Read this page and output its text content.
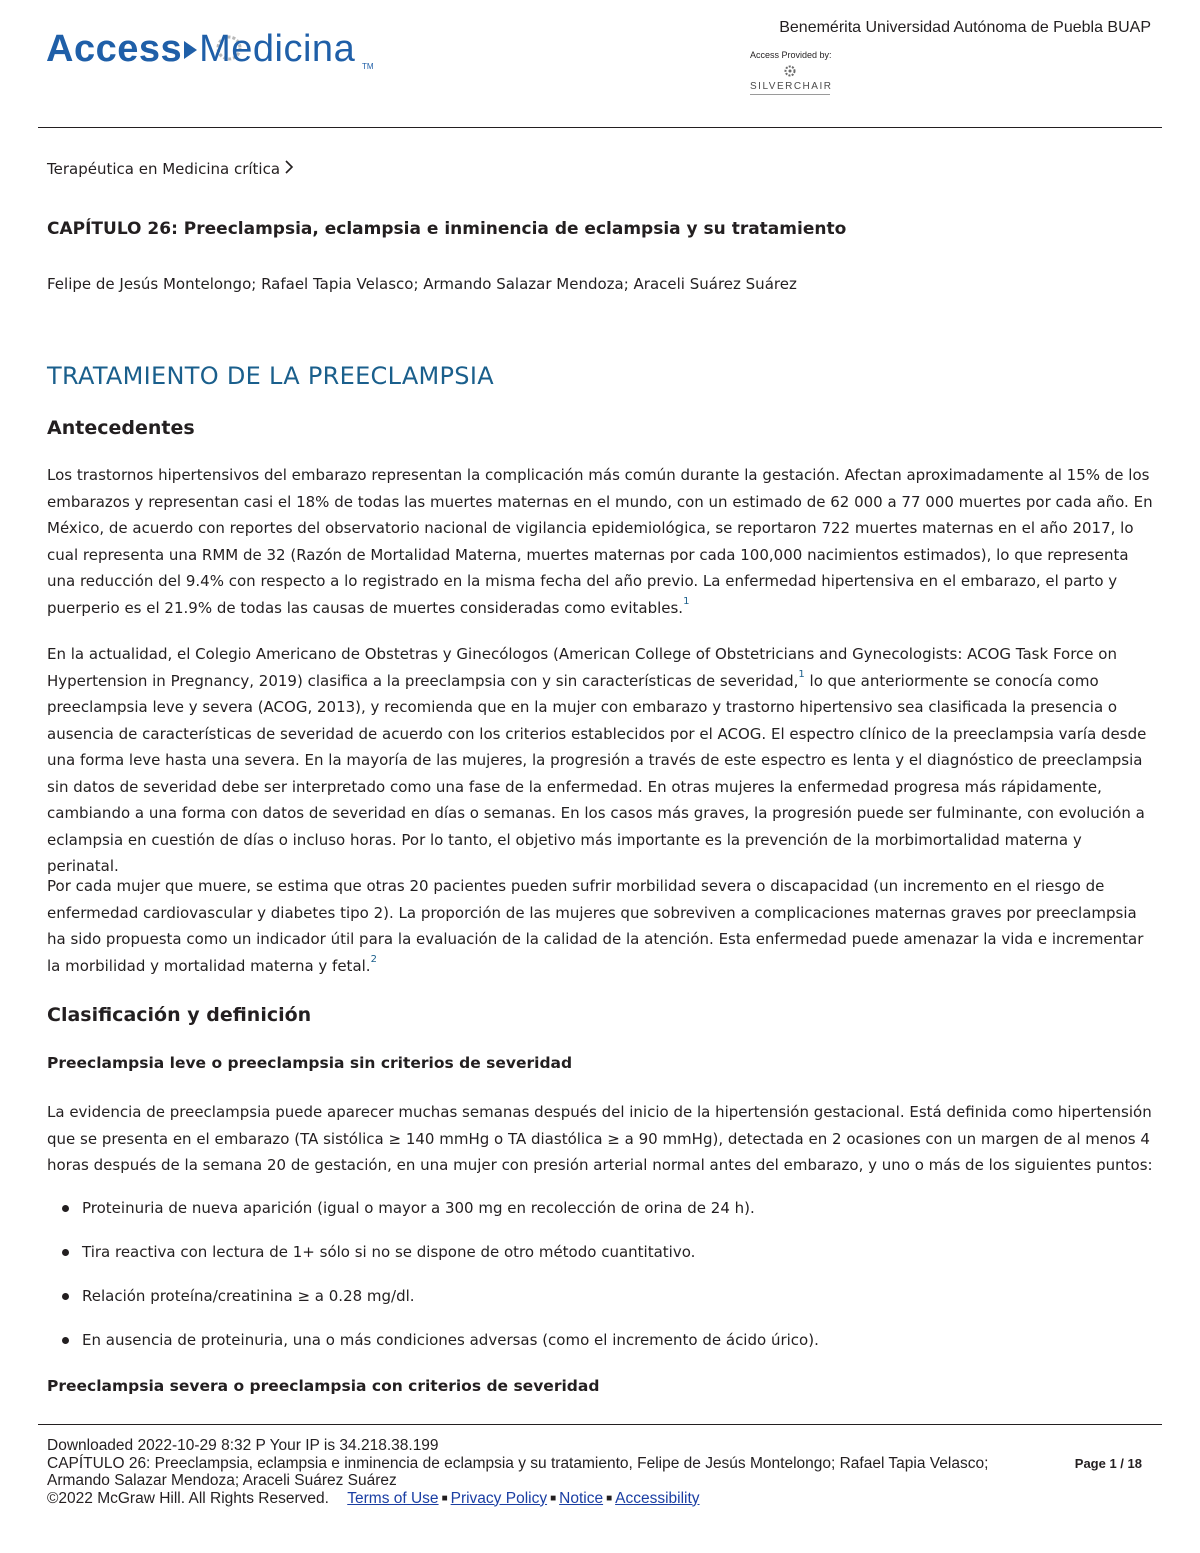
Access Medicina TM
Benemérita Universidad Autónoma de Puebla BUAP
Access Provided by:
SILVERCHAIR
Terapéutica en Medicina crítica
CAPÍTULO 26: Preeclampsia, eclampsia e inminencia de eclampsia y su tratamiento
Felipe de Jesús Montelongo; Rafael Tapia Velasco; Armando Salazar Mendoza; Araceli Suárez Suárez
TRATAMIENTO DE LA PREECLAMPSIA
Antecedentes
Los trastornos hipertensivos del embarazo representan la complicación más común durante la gestación. Afectan aproximadamente al 15% de los embarazos y representan casi el 18% de todas las muertes maternas en el mundo, con un estimado de 62 000 a 77 000 muertes por cada año. En México, de acuerdo con reportes del observatorio nacional de vigilancia epidemiológica, se reportaron 722 muertes maternas en el año 2017, lo cual representa una RMM de 32 (Razón de Mortalidad Materna, muertes maternas por cada 100,000 nacimientos estimados), lo que representa una reducción del 9.4% con respecto a lo registrado en la misma fecha del año previo. La enfermedad hipertensiva en el embarazo, el parto y puerperio es el 21.9% de todas las causas de muertes consideradas como evitables.$^1$
En la actualidad, el Colegio Americano de Obstetras y Ginecólogos (American College of Obstetricians and Gynecologists: ACOG Task Force on Hypertension in Pregnancy, 2019) clasifica a la preeclampsia con y sin características de severidad,$^1$ lo que anteriormente se conocía como preeclampsia leve y severa (ACOG, 2013), y recomienda que en la mujer con embarazo y trastorno hipertensivo sea clasificada la presencia o ausencia de características de severidad de acuerdo con los criterios establecidos por el ACOG. El espectro clínico de la preeclampsia varía desde una forma leve hasta una severa. En la mayoría de las mujeres, la progresión a través de este espectro es lenta y el diagnóstico de preeclampsia sin datos de severidad debe ser interpretado como una fase de la enfermedad. En otras mujeres la enfermedad progresa más rápidamente, cambiando a una forma con datos de severidad en días o semanas. En los casos más graves, la progresión puede ser fulminante, con evolución a eclampsia en cuestión de días o incluso horas. Por lo tanto, el objetivo más importante es la prevención de la morbimortalidad materna y perinatal.
Por cada mujer que muere, se estima que otras 20 pacientes pueden sufrir morbilidad severa o discapacidad (un incremento en el riesgo de enfermedad cardiovascular y diabetes tipo 2). La proporción de las mujeres que sobreviven a complicaciones maternas graves por preeclampsia ha sido propuesta como un indicador útil para la evaluación de la calidad de la atención. Esta enfermedad puede amenazar la vida e incrementar la morbilidad y mortalidad materna y fetal.$^2$
Clasificación y definición
Preeclampsia leve o preeclampsia sin criterios de severidad
La evidencia de preeclampsia puede aparecer muchas semanas después del inicio de la hipertensión gestacional. Está definida como hipertensión que se presenta en el embarazo (TA sistólica ≥ 140 mmHg o TA diastólica ≥ a 90 mmHg), detectada en 2 ocasiones con un margen de al menos 4 horas después de la semana 20 de gestación, en una mujer con presión arterial normal antes del embarazo, y uno o más de los siguientes puntos:
Proteinuria de nueva aparición (igual o mayor a 300 mg en recolección de orina de 24 h).
Tira reactiva con lectura de 1+ sólo si no se dispone de otro método cuantitativo.
Relación proteína/creatinina ≥ a 0.28 mg/dl.
En ausencia de proteinuria, una o más condiciones adversas (como el incremento de ácido úrico).
Preeclampsia severa o preeclampsia con criterios de severidad
Downloaded 2022-10-29 8:32 P Your IP is 34.218.38.199
CAPÍTULO 26: Preeclampsia, eclampsia e inminencia de eclampsia y su tratamiento, Felipe de Jesús Montelongo; Rafael Tapia Velasco;
Armando Salazar Mendoza; Araceli Suárez Suárez
©2022 McGraw Hill. All Rights Reserved. Terms of Use ■ Privacy Policy ■ Notice ■ Accessibility
Page 1 / 18
